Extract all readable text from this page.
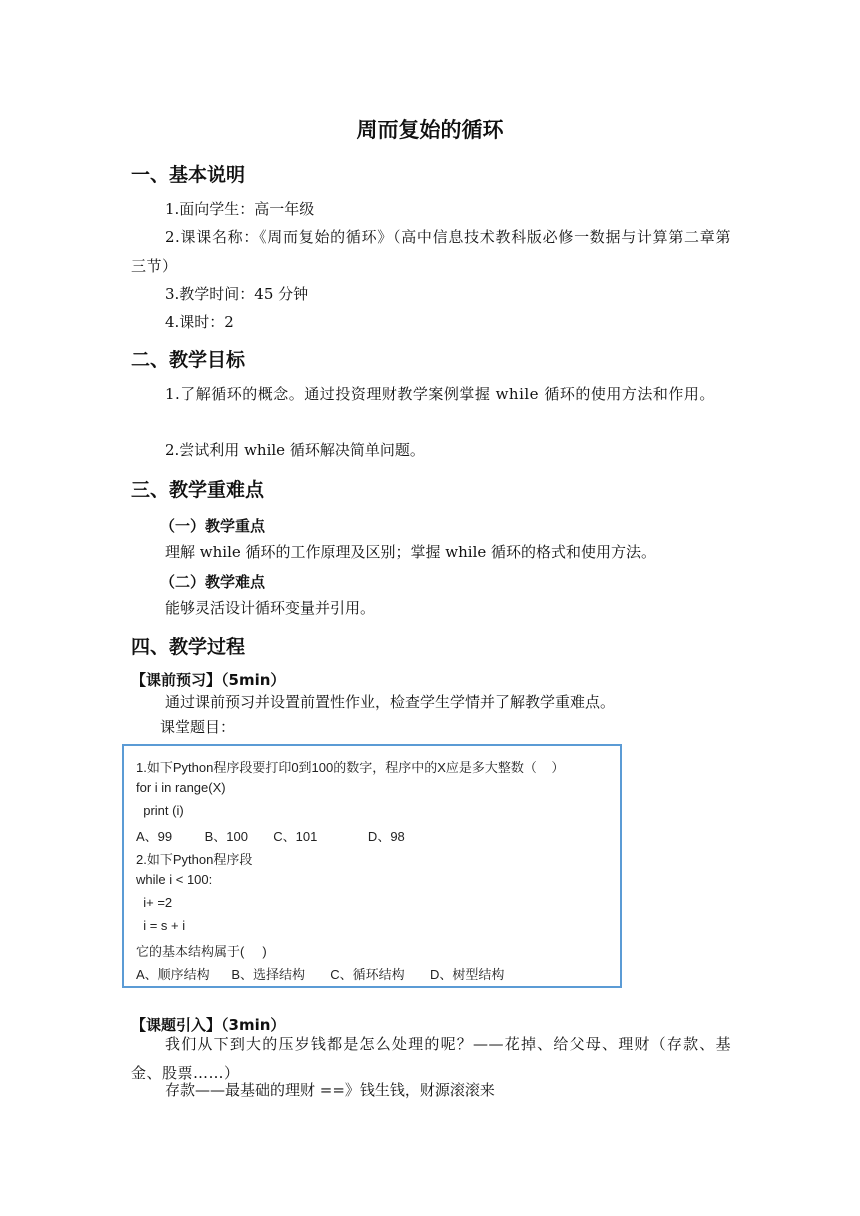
周而复始的循环
一、基本说明
1.面向学生：高一年级
2.课课名称：《周而复始的循环》（高中信息技术教科版必修一数据与计算第二章第三节）
3.教学时间：45 分钟
4.课时：2
二、教学目标
1.了解循环的概念。通过投资理财教学案例掌握 while 循环的使用方法和作用。
2.尝试利用 while 循环解决简单问题。
三、教学重难点
（一）教学重点
理解 while 循环的工作原理及区别；掌握 while 循环的格式和使用方法。
（二）教学难点
能够灵活设计循环变量并引用。
四、教学过程
【课前预习】（5min）
通过课前预习并设置前置性作业，检查学生学情并了解教学重难点。
课堂题目：
1.如下Python程序段要打印0到100的数字，程序中的X应是多大整数（    ）
for i in range(X)
print (i)
A、99         B、100       C、101              D、98
2.如下Python程序段
while i < 100:
i+ =2
i = s + i
它的基本结构属于(     )
A、顺序结构      B、选择结构       C、循环结构       D、树型结构
【课题引入】（3min）
我们从下到大的压岁钱都是怎么处理的呢？——花掉、给父母、理财（存款、基金、股票……）
存款——最基础的理财 ==》钱生钱，财源滚滚来
